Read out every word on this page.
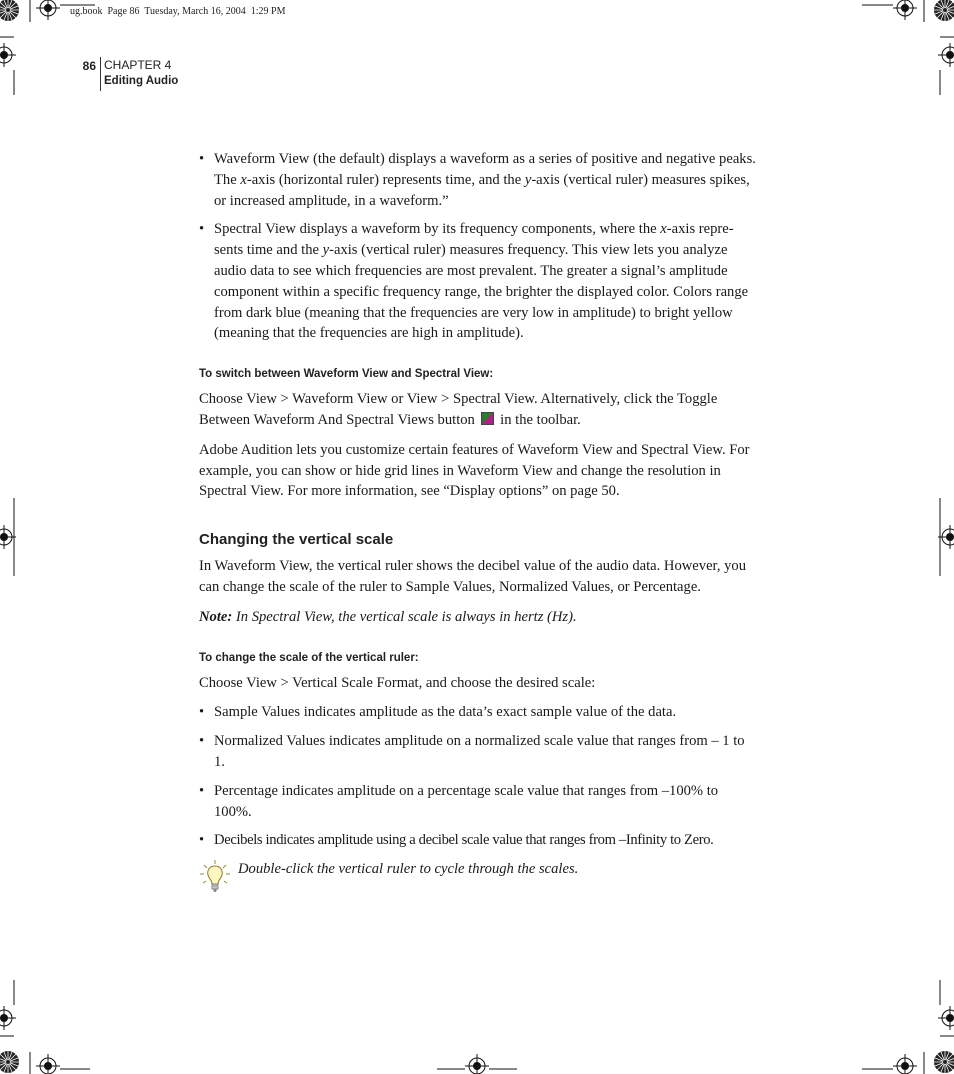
ug.book  Page 86  Tuesday, March 16, 2004  1:29 PM
86 CHAPTER 4
Editing Audio
• Waveform View (the default) displays a waveform as a series of positive and negative peaks. The x-axis (horizontal ruler) represents time, and the y-axis (vertical ruler) measures spikes, or increased amplitude, in a waveform.”
• Spectral View displays a waveform by its frequency components, where the x-axis represents time and the y-axis (vertical ruler) measures frequency. This view lets you analyze audio data to see which frequencies are most prevalent. The greater a signal’s amplitude component within a specific frequency range, the brighter the displayed color. Colors range from dark blue (meaning that the frequencies are very low in amplitude) to bright yellow (meaning that the frequencies are high in amplitude).
To switch between Waveform View and Spectral View:

Choose View > Waveform View or View > Spectral View. Alternatively, click the Toggle Between Waveform And Spectral Views button in the toolbar.

Adobe Audition lets you customize certain features of Waveform View and Spectral View. For example, you can show or hide grid lines in Waveform View and change the resolution in Spectral View. For more information, see “Display options” on page 50.

Changing the vertical scale

In Waveform View, the vertical ruler shows the decibel value of the audio data. However, you can change the scale of the ruler to Sample Values, Normalized Values, or Percentage.

Note: In Spectral View, the vertical scale is always in hertz (Hz).

To change the scale of the vertical ruler:

Choose View > Vertical Scale Format, and choose the desired scale:

• Sample Values indicates amplitude as the data’s exact sample value of the data.
• Normalized Values indicates amplitude on a normalized scale value that ranges from – 1 to 1.
• Percentage indicates amplitude on a percentage scale value that ranges from –100% to 100%.
• Decibels indicates amplitude using a decibel scale value that ranges from –Infinity to Zero.
Double-click the vertical ruler to cycle through the scales.
